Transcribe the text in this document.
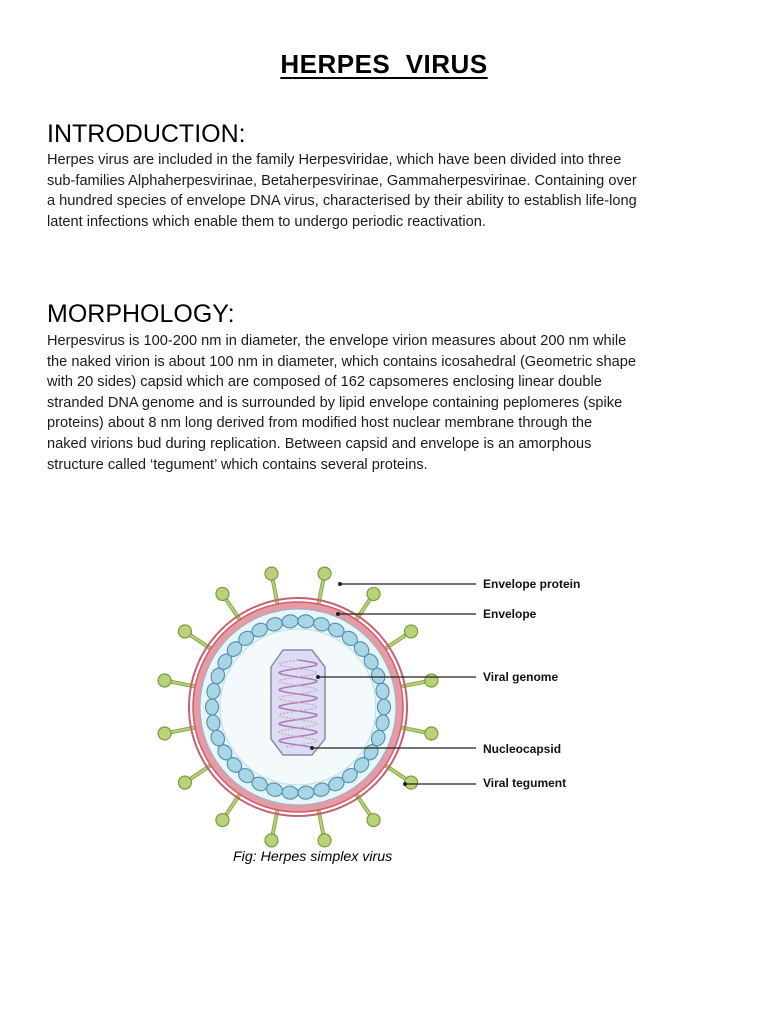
HERPES  VIRUS
INTRODUCTION:
Herpes virus are included in the family Herpesviridae, which have been divided into three
sub-families Alphaherpesvirinae, Betaherpesvirinae, Gammaherpesvirinae. Containing over
a hundred species of envelope DNA virus, characterised by their ability to establish life-long
latent infections which enable them to undergo periodic reactivation.
MORPHOLOGY:
Herpesvirus is 100-200 nm in diameter, the envelope virion measures about 200 nm while
the naked virion is about 100 nm in diameter, which contains icosahedral (Geometric shape
with 20 sides) capsid which are composed of 162 capsomeres enclosing linear double
stranded DNA genome and is surrounded by lipid envelope containing peplomeres (spike
proteins) about 8 nm long derived from modified host nuclear membrane through the
naked virions bud during replication. Between capsid and envelope is an amorphous
structure called ‘tegument’ which contains several proteins.
Envelope protein
Envelope
Viral genome
Nucleocapsid
Viral tegument
Fig: Herpes simplex virus
